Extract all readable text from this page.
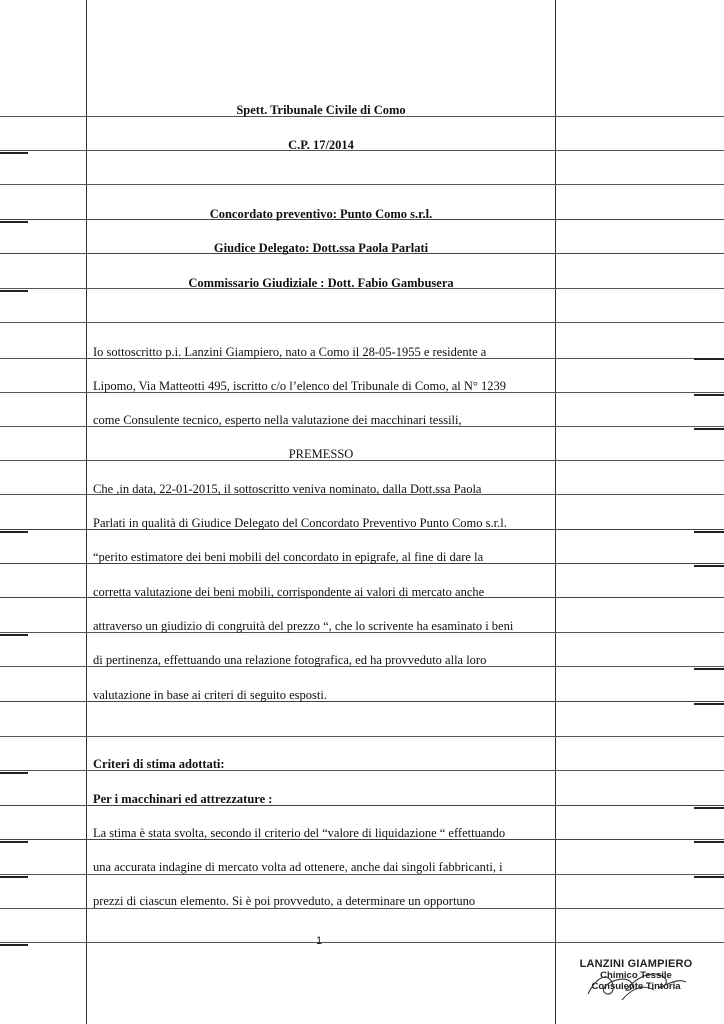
Spett. Tribunale Civile di Como
C.P. 17/2014
Concordato preventivo: Punto Como s.r.l.
Giudice Delegato: Dott.ssa Paola Parlati
Commissario Giudiziale : Dott. Fabio Gambusera
Io sottoscritto p.i. Lanzini Giampiero, nato a Como il 28-05-1955 e residente a
Lipomo, Via Matteotti 495, iscritto c/o l’elenco del Tribunale di Como, al N° 1239
come Consulente tecnico, esperto nella valutazione dei macchinari tessili,
PREMESSO
Che ,in data, 22-01-2015, il sottoscritto veniva nominato, dalla Dott.ssa Paola
Parlati in qualità di Giudice Delegato del Concordato Preventivo Punto Como s.r.l.
“perito estimatore dei beni mobili del concordato in epigrafe, al fine di dare la
corretta valutazione dei beni mobili, corrispondente ai valori di mercato anche
attraverso un giudizio di congruità del prezzo “, che lo scrivente ha esaminato i beni
di pertinenza, effettuando una relazione fotografica, ed ha provveduto alla loro
valutazione in base ai criteri di seguito esposti.
Criteri di stima adottati:
Per i macchinari ed attrezzature :
La stima è stata svolta, secondo il criterio del “valore di liquidazione “ effettuando
una accurata indagine di mercato volta ad ottenere, anche dai singoli fabbricanti, i
prezzi di ciascun elemento. Si è poi provveduto, a determinare un opportuno
1
LANZINI GIAMPIERO
Chimico Tessile
Consulente Tintoria
